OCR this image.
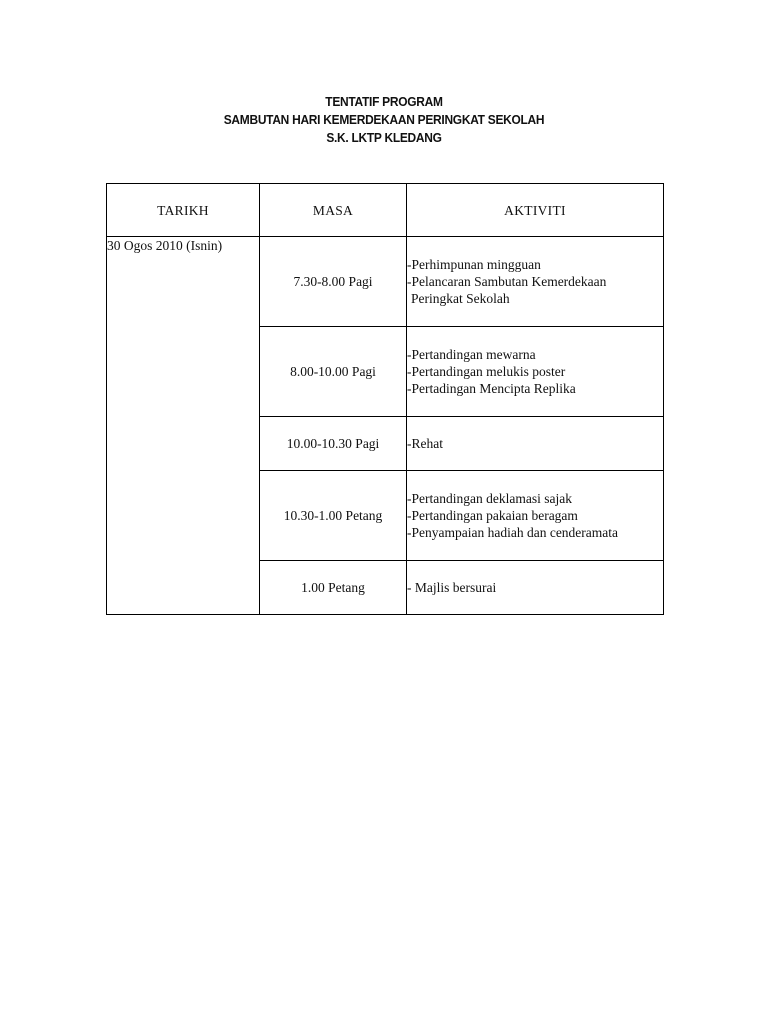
TENTATIF PROGRAM
SAMBUTAN HARI KEMERDEKAAN PERINGKAT SEKOLAH
S.K. LKTP KLEDANG
TARIKH	MASA	AKTIVITI
30 Ogos 2010 (Isnin)	7.30-8.00 Pagi	-Perhimpunan mingguan
-Pelancaran Sambutan Kemerdekaan
Peringkat Sekolah

	8.00-10.00 Pagi	-Pertandingan mewarna
-Pertandingan melukis poster
-Pertadingan Mencipta Replika

	10.00-10.30 Pagi	-Rehat

	10.30-1.00 Petang	-Pertandingan deklamasi sajak
-Pertandingan pakaian beragam
-Penyampaian hadiah dan cenderamata

	1.00 Petang	- Majlis bersurai
